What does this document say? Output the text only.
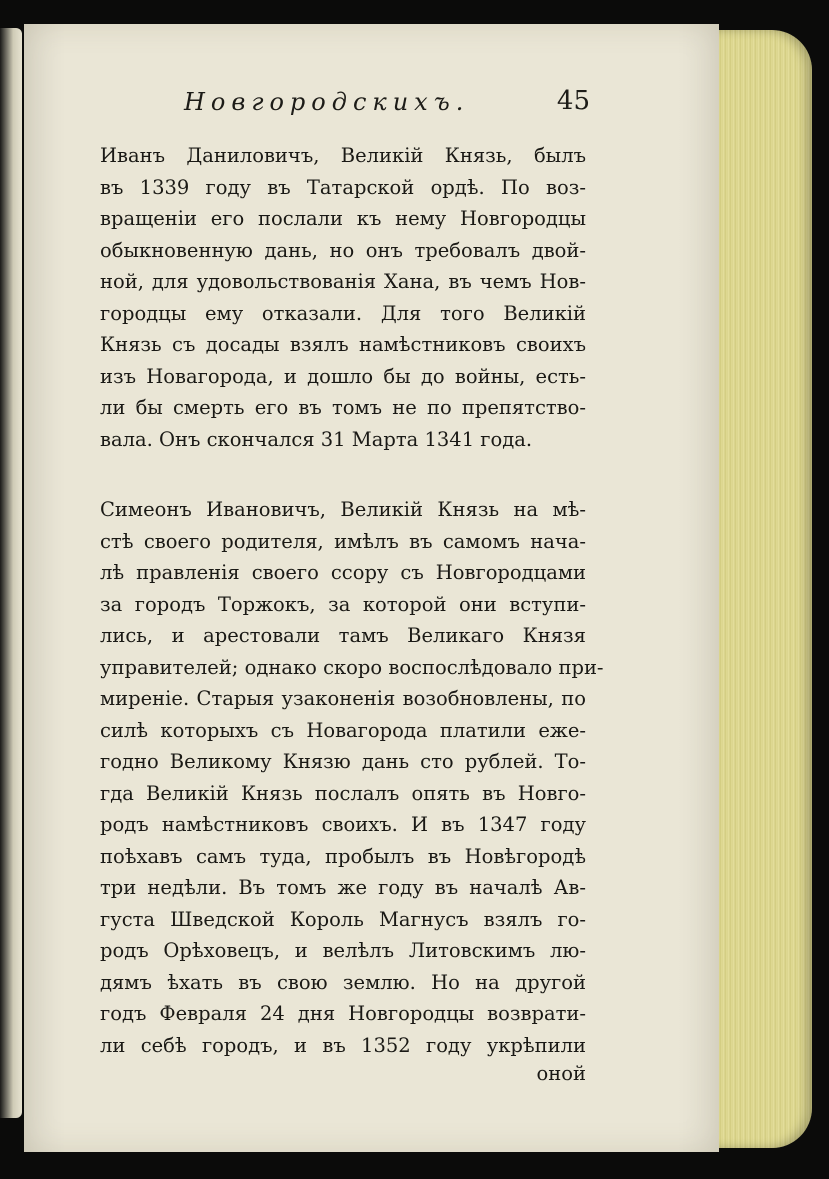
Новгородскихъ.	45
Иванъ Даниловичъ, Великій Князь, былъ
въ 1339 году въ Татарской ордѣ. По воз-
вращеніи его послали къ нему Новгородцы
обыкновенную дань, но онъ требовалъ двой-
ной, для удовольствованія Хана, въ чемъ Нов-
городцы ему отказали. Для того Великій
Князь съ досады взялъ намѣстниковъ своихъ
изъ Новагорода, и дошло бы до войны, есть-
ли бы смерть его въ томъ не по препятство-
вала. Онъ скончался 31 Марта 1341 года.
Симеонъ Ивановичъ, Великій Князь на мѣ-
стѣ своего родителя, имѣлъ въ самомъ нача-
лѣ правленія своего ссору съ Новгородцами
за городъ Торжокъ, за которой они вступи-
лись, и арестовали тамъ Великаго Князя
управителей; однако скоро воспослѣдовало при-
миреніе. Старыя узаконенія возобновлены, по
силѣ которыхъ съ Новагорода платили еже-
годно Великому Князю дань сто рублей. То-
гда Великій Князь послалъ опять въ Новго-
родъ намѣстниковъ своихъ. И въ 1347 году
поѣхавъ самъ туда, пробылъ въ Новѣгородѣ
три недѣли. Въ томъ же году въ началѣ Ав-
густа Шведской Король Магнусъ взялъ го-
родъ Орѣховецъ, и велѣлъ Литовскимъ лю-
дямъ ѣхать въ свою землю. Но на другой
годъ Февраля 24 дня Новгородцы возврати-
ли себѣ городъ, и въ 1352 году укрѣпили
оной
